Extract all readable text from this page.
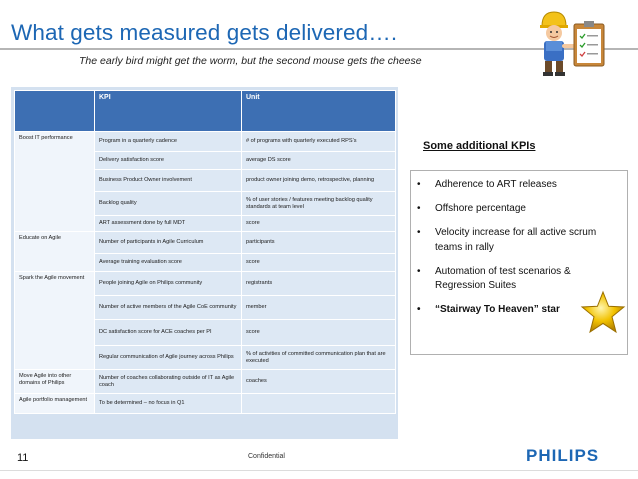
What gets measured gets delivered….
The early bird might get the worm, but the second mouse gets the cheese
	KPI	Unit
Boost IT performance	Program in a quarterly cadence	# of programs with quarterly executed RPS's
	Delivery satisfaction score	average DS score
	Business Product Owner involvement	product owner joining demo, retrospective, planning
	Backlog quality	% of user stories / features meeting backlog quality standards at team level
	ART assessment done by full MDT	score
Educate on Agile	Number of participants in Agile Curriculum	participants
	Average training evaluation score	score
Spark the Agile movement	People joining Agile on Philips community	registrants
	Number of active members of the Agile CoE community	member
	DC satisfaction score for ACE coaches per PI	score
	Regular communication of Agile journey across Philips	% of activities of committed communication plan that are executed
Move Agile into other domains of Philips	Number of coaches collaborating outside of IT as Agile coach	coaches
Agile portfolio management	To be determined – no focus in Q1	
Some additional KPIs
• Adherence to ART releases
• Offshore percentage
• Velocity increase for all active scrum teams in rally
• Automation of test scenarios & Regression Suites
• “Stairway To Heaven” star
11	Confidential	PHILIPS
